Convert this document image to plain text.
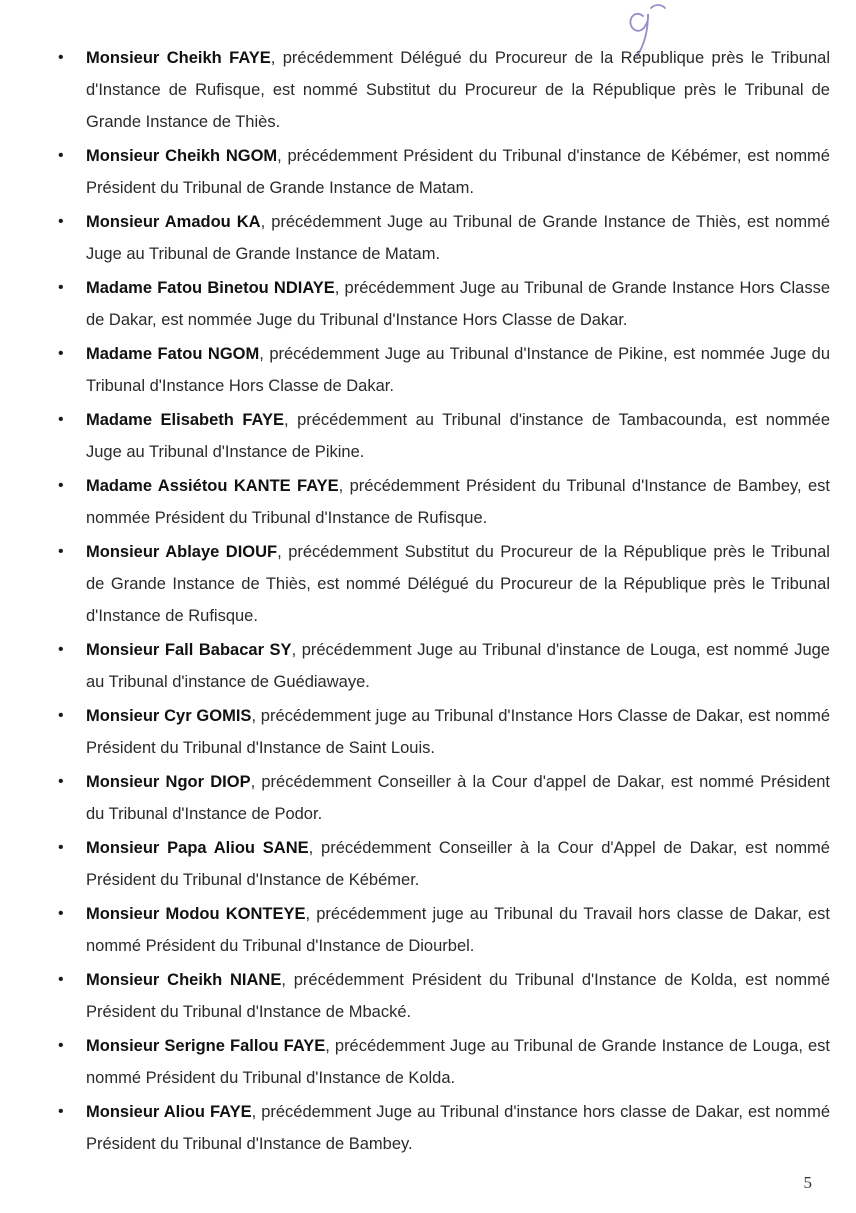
• Monsieur Cheikh FAYE, précédemment Délégué du Procureur de la République près le Tribunal d'Instance de Rufisque, est nommé Substitut du Procureur de la République près le Tribunal de Grande Instance de Thiès.
• Monsieur Cheikh NGOM, précédemment Président du Tribunal d'instance de Kébémer, est nommé Président du Tribunal de Grande Instance de Matam.
• Monsieur Amadou KA, précédemment Juge au Tribunal de Grande Instance de Thiès, est nommé Juge au Tribunal de Grande Instance de Matam.
• Madame Fatou Binetou NDIAYE, précédemment Juge au Tribunal de Grande Instance Hors Classe de Dakar, est nommée Juge du Tribunal d'Instance Hors Classe de Dakar.
• Madame Fatou NGOM, précédemment Juge au Tribunal d'Instance de Pikine, est nommée Juge du Tribunal d'Instance Hors Classe de Dakar.
• Madame Elisabeth FAYE, précédemment au Tribunal d'instance de Tambacounda, est nommée Juge au Tribunal d'Instance de Pikine.
• Madame Assiétou KANTE FAYE, précédemment Président du Tribunal d'Instance de Bambey, est nommée Président du Tribunal d'Instance de Rufisque.
• Monsieur Ablaye DIOUF, précédemment Substitut du Procureur de la République près le Tribunal de Grande Instance de Thiès, est nommé Délégué du Procureur de la République près le Tribunal d'Instance de Rufisque.
• Monsieur Fall Babacar SY, précédemment Juge au Tribunal d'instance de Louga, est nommé Juge au Tribunal d'instance de Guédiawaye.
• Monsieur Cyr GOMIS, précédemment juge au Tribunal d'Instance Hors Classe de Dakar, est nommé Président du Tribunal d'Instance de Saint Louis.
• Monsieur Ngor DIOP, précédemment Conseiller à la Cour d'appel de Dakar, est nommé Président du Tribunal d'Instance de Podor.
• Monsieur Papa Aliou SANE, précédemment Conseiller à la Cour d'Appel de Dakar, est nommé Président du Tribunal d'Instance de Kébémer.
• Monsieur Modou KONTEYE, précédemment juge au Tribunal du Travail hors classe de Dakar, est nommé Président du Tribunal d'Instance de Diourbel.
• Monsieur Cheikh NIANE, précédemment Président du Tribunal d'Instance de Kolda, est nommé Président du Tribunal d'Instance de Mbacké.
• Monsieur Serigne Fallou FAYE, précédemment Juge au Tribunal de Grande Instance de Louga, est nommé Président du Tribunal d'Instance de Kolda.
• Monsieur Aliou FAYE, précédemment Juge au Tribunal d'instance hors classe de Dakar, est nommé Président du Tribunal d'Instance de Bambey.
5
